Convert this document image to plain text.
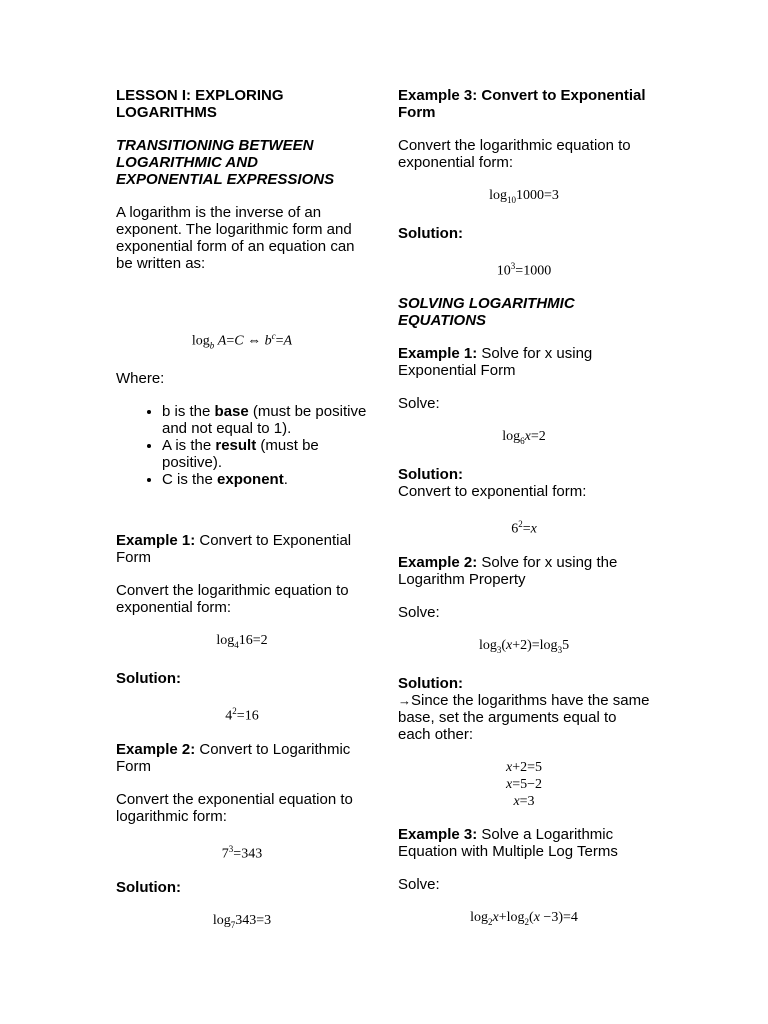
LESSON I: EXPLORING LOGARITHMS

TRANSITIONING BETWEEN LOGARITHMIC AND EXPONENTIAL EXPRESSIONS

A logarithm is the inverse of an exponent. The logarithmic form and exponential form of an equation can be written as:

$\log_b A=C$ ⇔ $b^c=A$

Where:

• b is the base (must be positive and not equal to 1).
• A is the result (must be positive).
• C is the exponent.

Example 1: Convert to Exponential Form

Convert the logarithmic equation to exponential form:

$\log_416=2$

Solution:

$4^2=16$

Example 2: Convert to Logarithmic Form

Convert the exponential equation to logarithmic form:

$7^3=343$

Solution:

$\log_7343=3$

Example 3: Convert to Exponential Form

Convert the logarithmic equation to exponential form:

$\log_{10}1000=3$

Solution:

$10^3=1000$

SOLVING LOGARITHMIC EQUATIONS

Example 1: Solve for x using Exponential Form

Solve:

$\log_6x=2$

Solution:

Convert to exponential form:

$6^2=x$

Example 2: Solve for x using the Logarithm Property

Solve:

$\log_3(x+2)=\log_35$

Solution:

→Since the logarithms have the same base, set the arguments equal to each other:

x+2=5
x=5−2
x=3

Example 3: Solve a Logarithmic Equation with Multiple Log Terms

Solve:

$\log_2x+\log_2(x -3)=4$
